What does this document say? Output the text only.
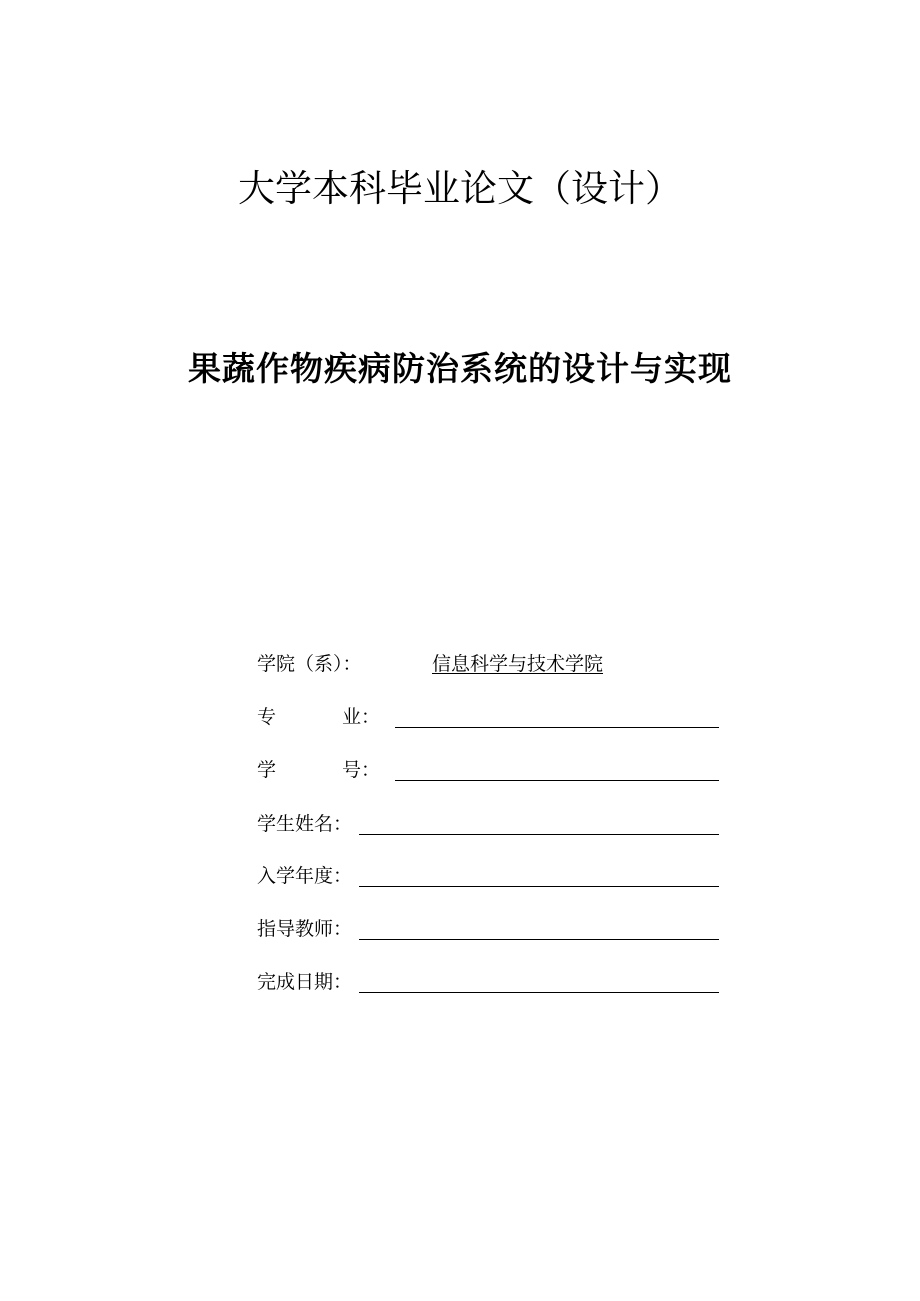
大学本科毕业论文（设计）
果蔬作物疾病防治系统的设计与实现
学院（系）：	信息科学与技术学院
专	业：
学	号：
学生姓名：
入学年度：
指导教师：
完成日期：
